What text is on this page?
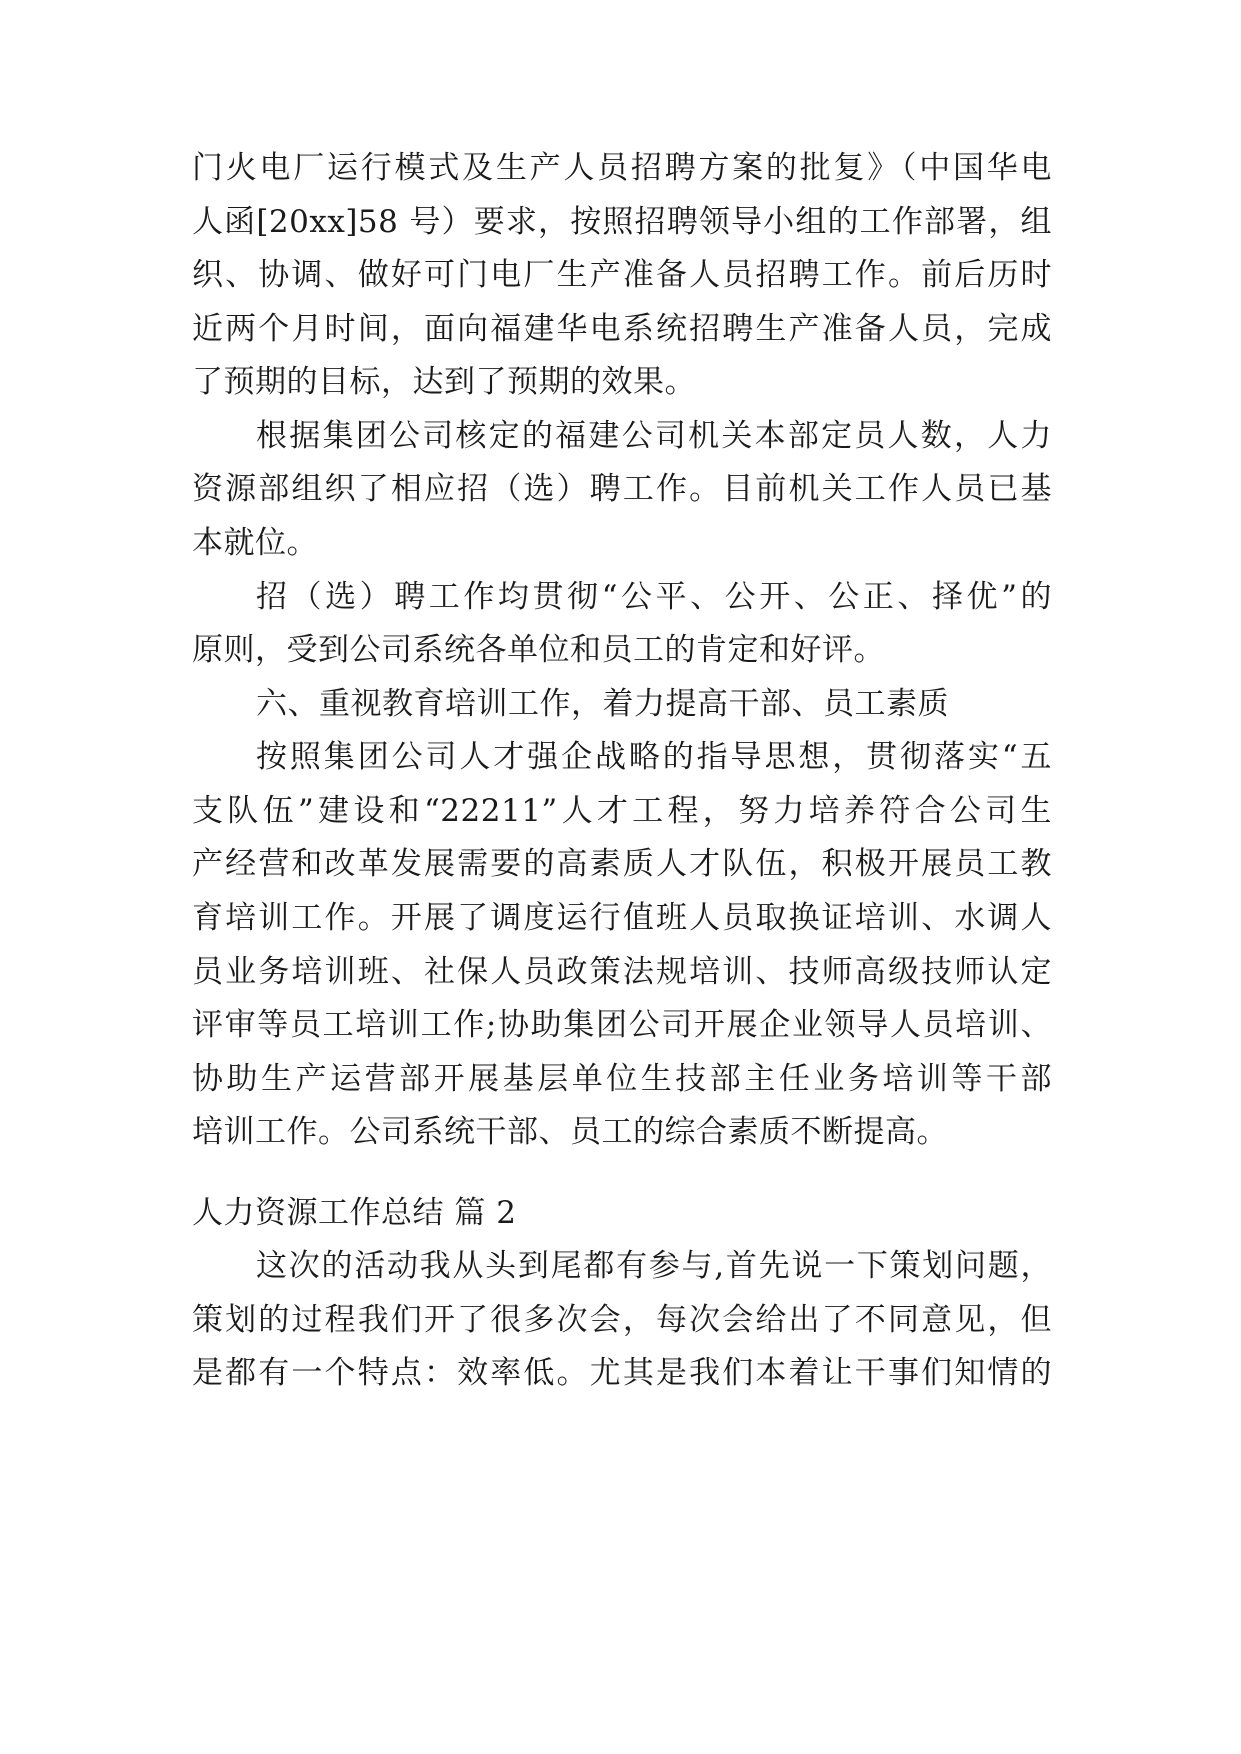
门火电厂运行模式及生产人员招聘方案的批复》（中国华电
人函[20xx]58 号）要求，按照招聘领导小组的工作部署，组
织、协调、做好可门电厂生产准备人员招聘工作。前后历时
近两个月时间，面向福建华电系统招聘生产准备人员，完成
了预期的目标，达到了预期的效果。
根据集团公司核定的福建公司机关本部定员人数，人力
资源部组织了相应招（选）聘工作。目前机关工作人员已基
本就位。
招（选）聘工作均贯彻“公平、公开、公正、择优”的
原则，受到公司系统各单位和员工的肯定和好评。
六、重视教育培训工作，着力提高干部、员工素质
按照集团公司人才强企战略的指导思想，贯彻落实“五
支队伍”建设和“22211”人才工程，努力培养符合公司生
产经营和改革发展需要的高素质人才队伍，积极开展员工教
育培训工作。开展了调度运行值班人员取换证培训、水调人
员业务培训班、社保人员政策法规培训、技师高级技师认定
评审等员工培训工作;协助集团公司开展企业领导人员培训、
协助生产运营部开展基层单位生技部主任业务培训等干部
培训工作。公司系统干部、员工的综合素质不断提高。
人力资源工作总结 篇 2
这次的活动我从头到尾都有参与,首先说一下策划问题，
策划的过程我们开了很多次会，每次会给出了不同意见，但
是都有一个特点：效率低。尤其是我们本着让干事们知情的
